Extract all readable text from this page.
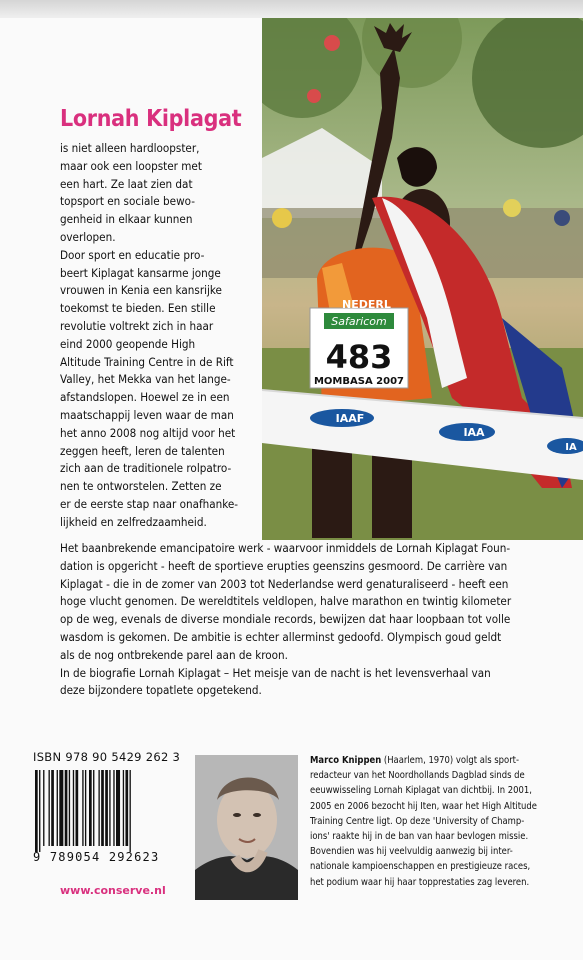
Safaricom
483
MOMBASA 2007
NEDERL
IAAF
IAA
IA
Lornah Kiplagat

is niet alleen hardloopster,

maar ook een loopster met

een hart. Ze laat zien dat

topsport en sociale bewo-

genheid in elkaar kunnen

overlopen.

Door sport en educatie pro-

beert Kiplagat kansarme jonge

vrouwen in Kenia een kansrijke

toekomst te bieden. Een stille

revolutie voltrekt zich in haar

eind 2000 geopende High

Altitude Training Centre in de Rift

Valley, het Mekka van het lange-

afstandslopen. Hoewel ze in een

maatschappij leven waar de man

het anno 2008 nog altijd voor het

zeggen heeft, leren de talenten

zich aan de traditionele rolpatro-

nen te ontworstelen. Zetten ze

er de eerste stap naar onafhanke-

lijkheid en zelfredzaamheid.

Het baanbrekende emancipatoire werk - waarvoor inmiddels de Lornah Kiplagat Foun-

dation is opgericht - heeft de sportieve erupties geenszins gesmoord. De carrière van

Kiplagat - die in de zomer van 2003 tot Nederlandse werd genaturaliseerd - heeft een

hoge vlucht genomen. De wereldtitels veldlopen, halve marathon en twintig kilometer

op de weg, evenals de diverse mondiale records, bewijzen dat haar loopbaan tot volle

wasdom is gekomen. De ambitie is echter allerminst gedoofd. Olympisch goud geldt

als de nog ontbrekende parel aan de kroon.

In de biografie Lornah Kiplagat – Het meisje van de nacht is het levensverhaal van

deze bijzondere topatlete opgetekend.

ISBN 978 90 5429 262 3
9 789054 292623
www.conserve.nl

Marco Knippen (Haarlem, 1970) volgt als sport-

redacteur van het Noordhollands Dagblad sinds de

eeuwwisseling Lornah Kiplagat van dichtbij. In 2001,

2005 en 2006 bezocht hij Iten, waar het High Altitude

Training Centre ligt. Op deze 'University of Champ-

ions' raakte hij in de ban van haar bevlogen missie.

Bovendien was hij veelvuldig aanwezig bij inter-

nationale kampioenschappen en prestigieuze races,

het podium waar hij haar topprestaties zag leveren.
